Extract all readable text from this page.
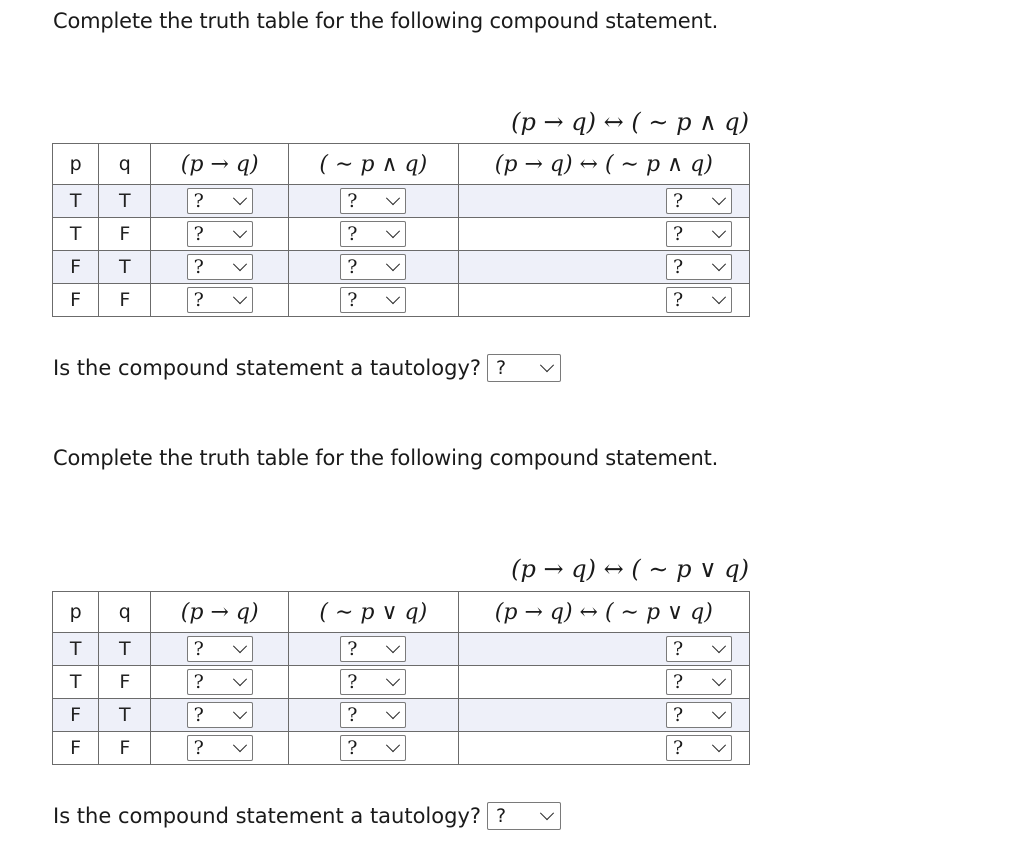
Complete the truth table for the following compound statement.
(p → q) ↔ ( ∼ p ∧ q)
p	q	(p → q)	( ∼ p ∧ q)	(p → q) ↔ ( ∼ p ∧ q)
T	T	?	?	?

T	F	?	?	?

F	T	?	?	?

F	F	?	?	?
Is the compound statement a tautology? ?
Complete the truth table for the following compound statement.
(p → q) ↔ ( ∼ p ∨ q)
p	q	(p → q)	( ∼ p ∨ q)	(p → q) ↔ ( ∼ p ∨ q)
T	T	?	?	?

T	F	?	?	?

F	T	?	?	?

F	F	?	?	?
Is the compound statement a tautology? ?
